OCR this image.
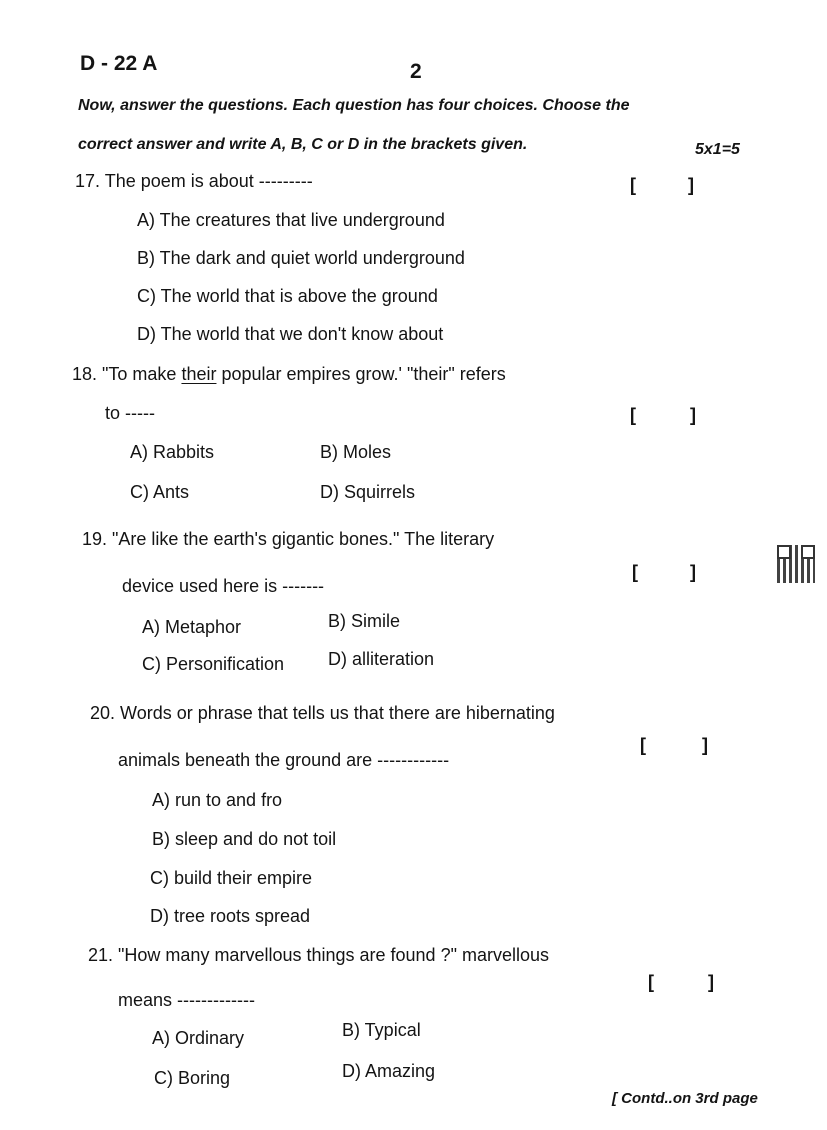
D - 22 A	2
Now, answer the questions. Each question has four choices. Choose the
correct answer and write A, B, C or D in the brackets given.	5x1=5
17. The poem is about ---------	[	]
A) The creatures that live underground
B) The dark and quiet world underground
C) The world that is above the ground
D) The world that we don't know about
18. "To make their popular empires grow.' "their" refers
to -----	[	]
A) Rabbits	B) Moles
C) Ants	D) Squirrels
19. "Are like the earth's gigantic bones." The literary
device used here is -------
[	]
A) Metaphor	B) Simile
C) Personification D) alliteration
20. Words or phrase that tells us that there are hibernating
animals beneath the ground are ------------
[	]
A) run to and fro
B) sleep and do not toil
C) build their empire
D) tree roots spread
21. "How many marvellous things are found ?" marvellous
means -------------
[	]
A) Ordinary	B) Typical
C) Boring	D) Amazing
[ Contd..on 3rd page
